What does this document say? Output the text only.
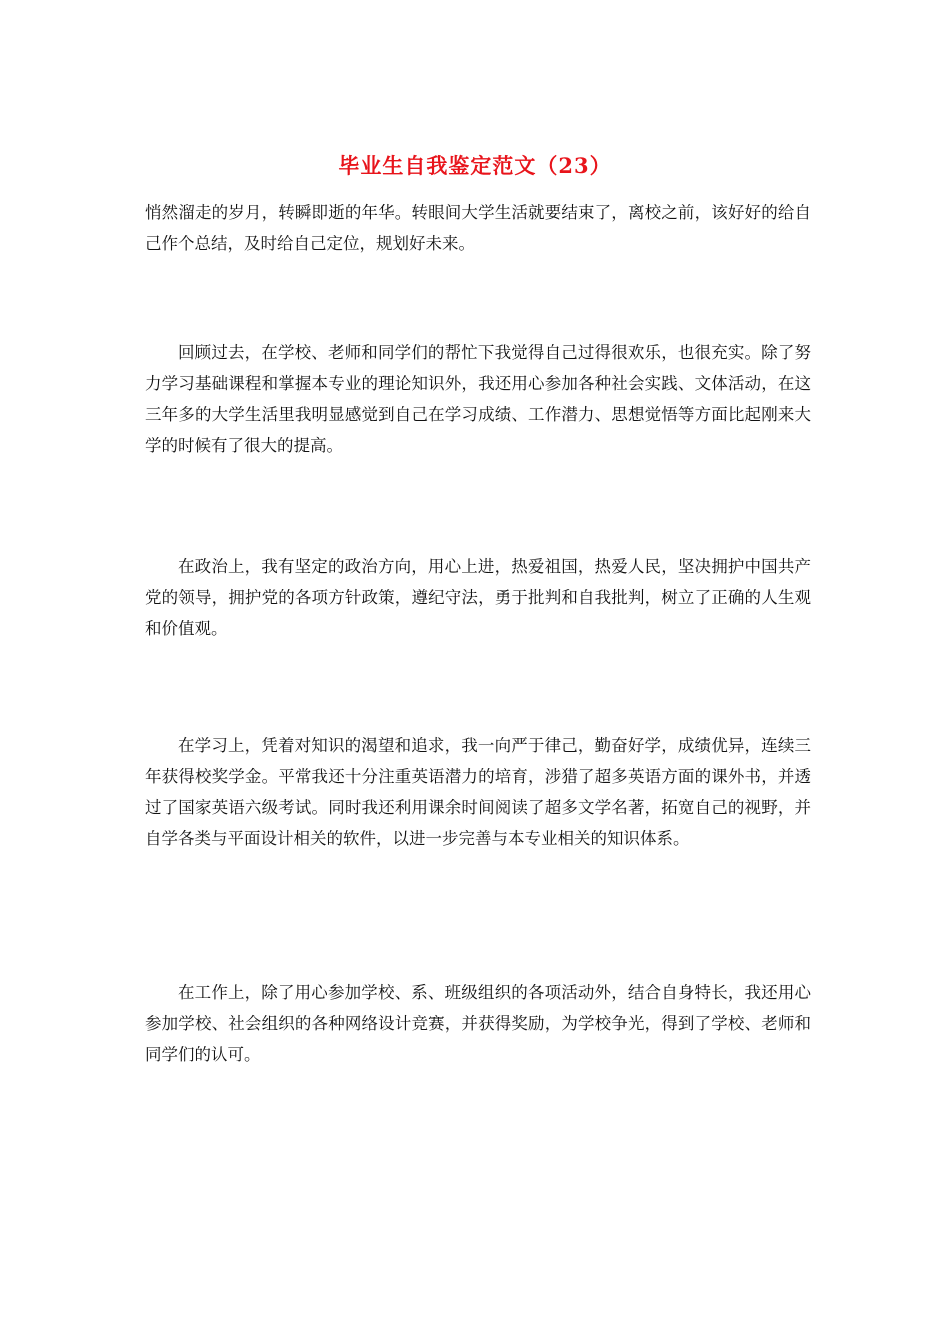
毕业生自我鉴定范文（23）

悄然溜走的岁月，转瞬即逝的年华。转眼间大学生活就要结束了，离校之前，该好好的给自己作个总结，及时给自己定位，规划好未来。

回顾过去，在学校、老师和同学们的帮忙下我觉得自己过得很欢乐，也很充实。除了努力学习基础课程和掌握本专业的理论知识外，我还用心参加各种社会实践、文体活动，在这三年多的大学生活里我明显感觉到自己在学习成绩、工作潜力、思想觉悟等方面比起刚来大学的时候有了很大的提高。

在政治上，我有坚定的政治方向，用心上进，热爱祖国，热爱人民，坚决拥护中国共产党的领导，拥护党的各项方针政策，遵纪守法，勇于批判和自我批判，树立了正确的人生观和价值观。

在学习上，凭着对知识的渴望和追求，我一向严于律己，勤奋好学，成绩优异，连续三年获得校奖学金。平常我还十分注重英语潜力的培育，涉猎了超多英语方面的课外书，并透过了国家英语六级考试。同时我还利用课余时间阅读了超多文学名著，拓宽自己的视野，并自学各类与平面设计相关的软件，以进一步完善与本专业相关的知识体系。

在工作上，除了用心参加学校、系、班级组织的各项活动外，结合自身特长，我还用心参加学校、社会组织的各种网络设计竞赛，并获得奖励，为学校争光，得到了学校、老师和同学们的认可。
